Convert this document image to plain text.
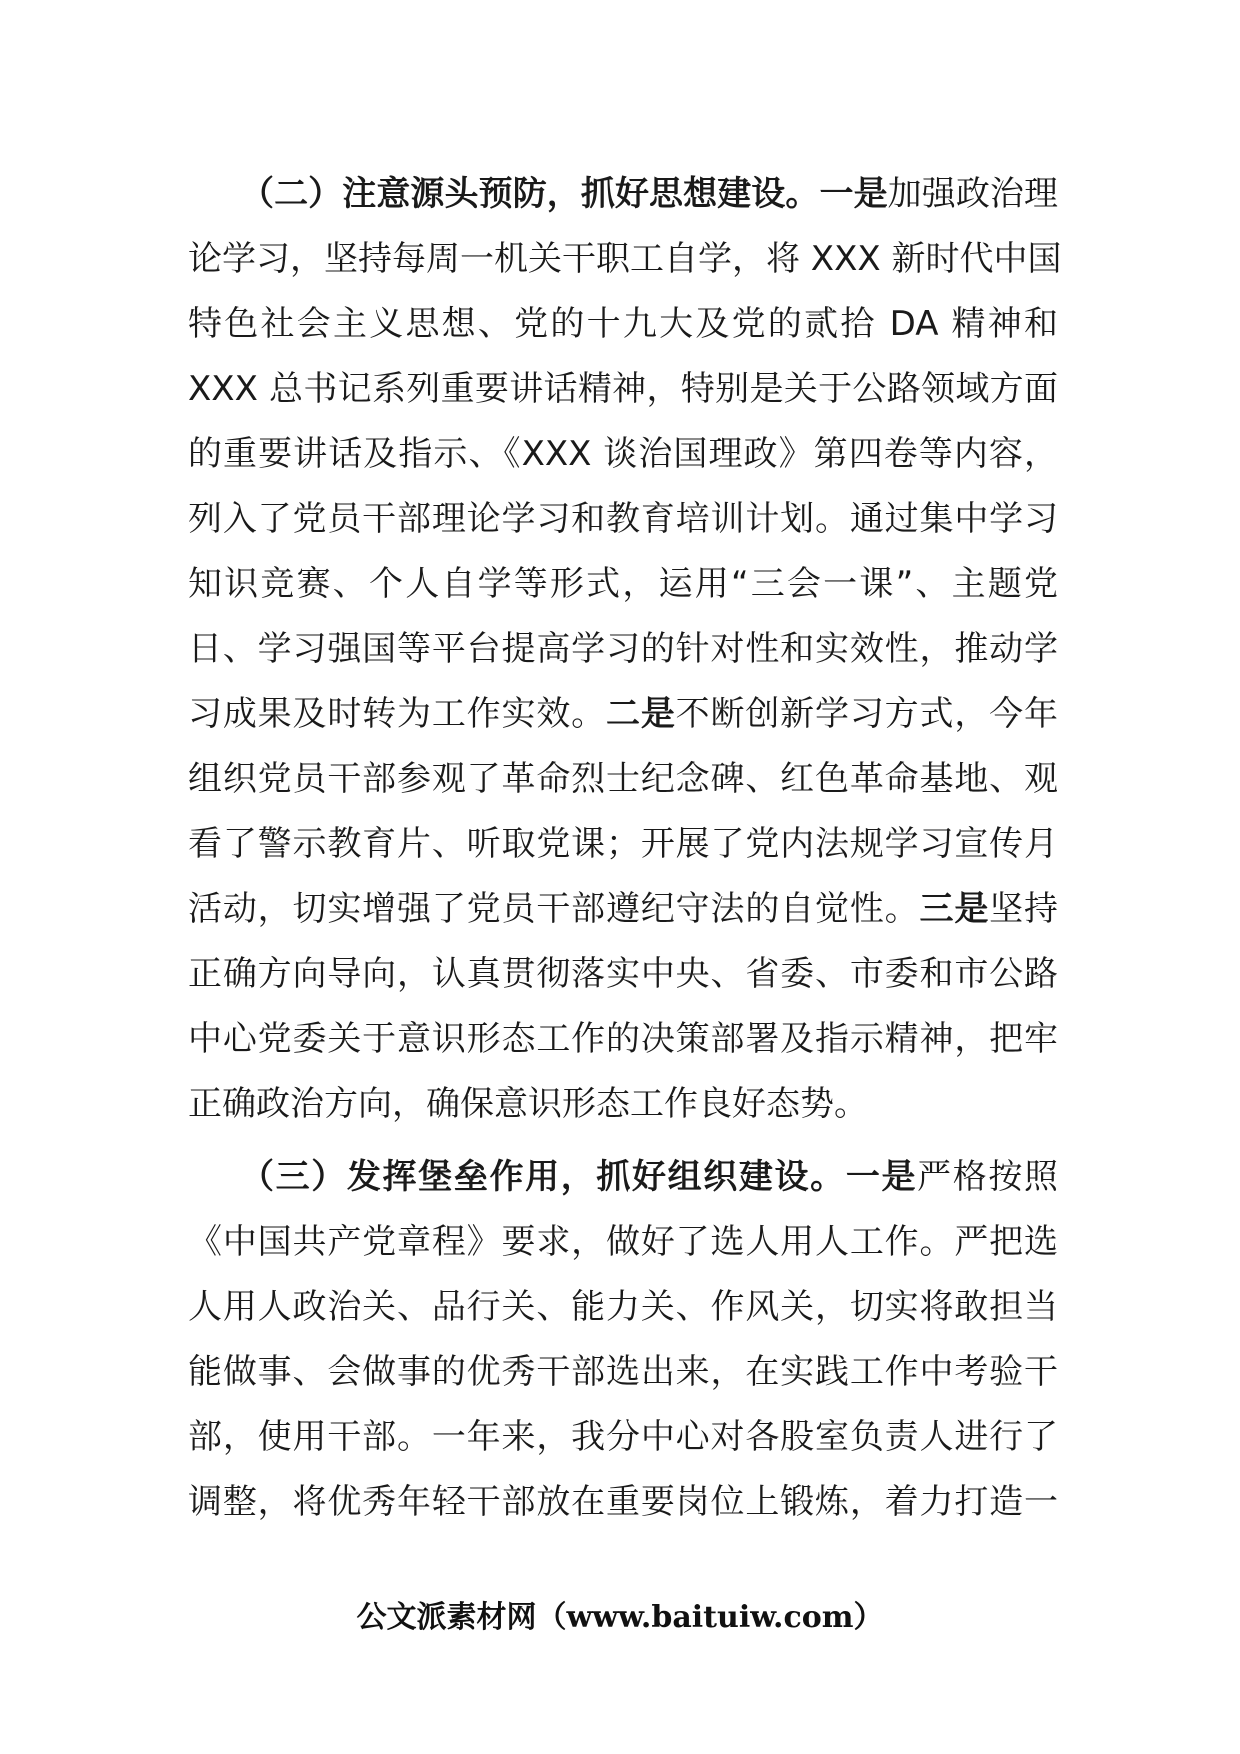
（二）注意源头预防，抓好思想建设。一是加强政治理
论学习，坚持每周一机关干职工自学，将 XXX 新时代中国
特色社会主义思想、党的十九大及党的贰拾 DA 精神和
XXX 总书记系列重要讲话精神，特别是关于公路领域方面
的重要讲话及指示、《XXX 谈治国理政》第四卷等内容，
列入了党员干部理论学习和教育培训计划。通过集中学习
知识竞赛、个人自学等形式，运用“三会一课”、主题党
日、学习强国等平台提高学习的针对性和实效性，推动学
习成果及时转为工作实效。二是不断创新学习方式，今年
组织党员干部参观了革命烈士纪念碑、红色革命基地、观
看了警示教育片、听取党课；开展了党内法规学习宣传月
活动，切实增强了党员干部遵纪守法的自觉性。三是坚持
正确方向导向，认真贯彻落实中央、省委、市委和市公路
中心党委关于意识形态工作的决策部署及指示精神，把牢
正确政治方向，确保意识形态工作良好态势。
（三）发挥堡垒作用，抓好组织建设。一是严格按照
《中国共产党章程》要求，做好了选人用人工作。严把选
人用人政治关、品行关、能力关、作风关，切实将敢担当
能做事、会做事的优秀干部选出来，在实践工作中考验干
部，使用干部。一年来，我分中心对各股室负责人进行了
调整，将优秀年轻干部放在重要岗位上锻炼，着力打造一
公文派素材网（www.baituiw.com）
